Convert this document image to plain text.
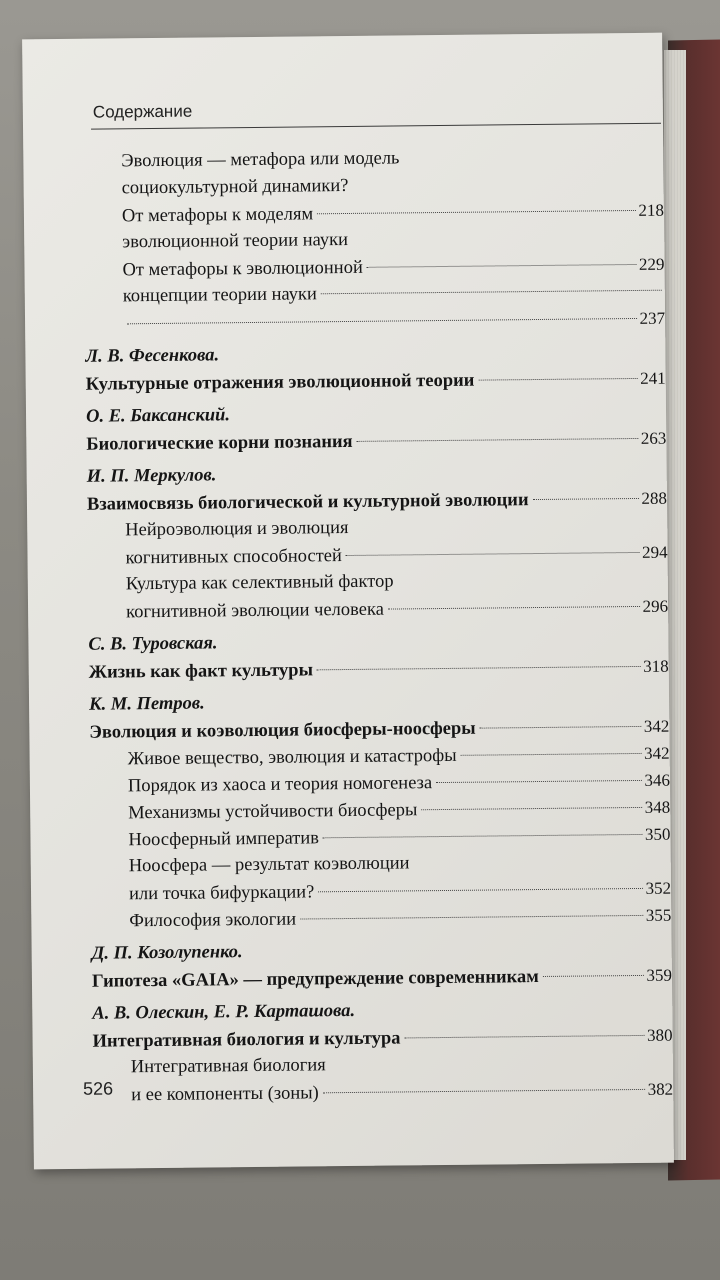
Содержание
Эволюция — метафора или модель
социокультурной динамики?
От метафоры к моделям	218
эволюционной теории науки
От метафоры к эволюционной	229
концепции теории науки
237
Л. В. Фесенкова.
Культурные отражения эволюционной теории	241
О. Е. Баксанский.
Биологические корни познания	263
И. П. Меркулов.
Взаимосвязь биологической и культурной эволюции	288
Нейроэволюция и эволюция
когнитивных способностей	294
Культура как селективный фактор
когнитивной эволюции человека	296
С. В. Туровская.
Жизнь как факт культуры	318
К. М. Петров.
Эволюция и коэволюция биосферы-ноосферы	342
Живое вещество, эволюция и катастрофы	342
Порядок из хаоса и теория номогенеза	346
Механизмы устойчивости биосферы	348
Ноосферный императив	350
Ноосфера — результат коэволюции
или точка бифуркации?	352
Философия экологии	355
Д. П. Козолупенко.
Гипотеза «GAIA» — предупреждение современникам	359
А. В. Олескин, Е. Р. Карташова.
Интегративная биология и культура	380
Интегративная биология
и ее компоненты (зоны)	382
526
